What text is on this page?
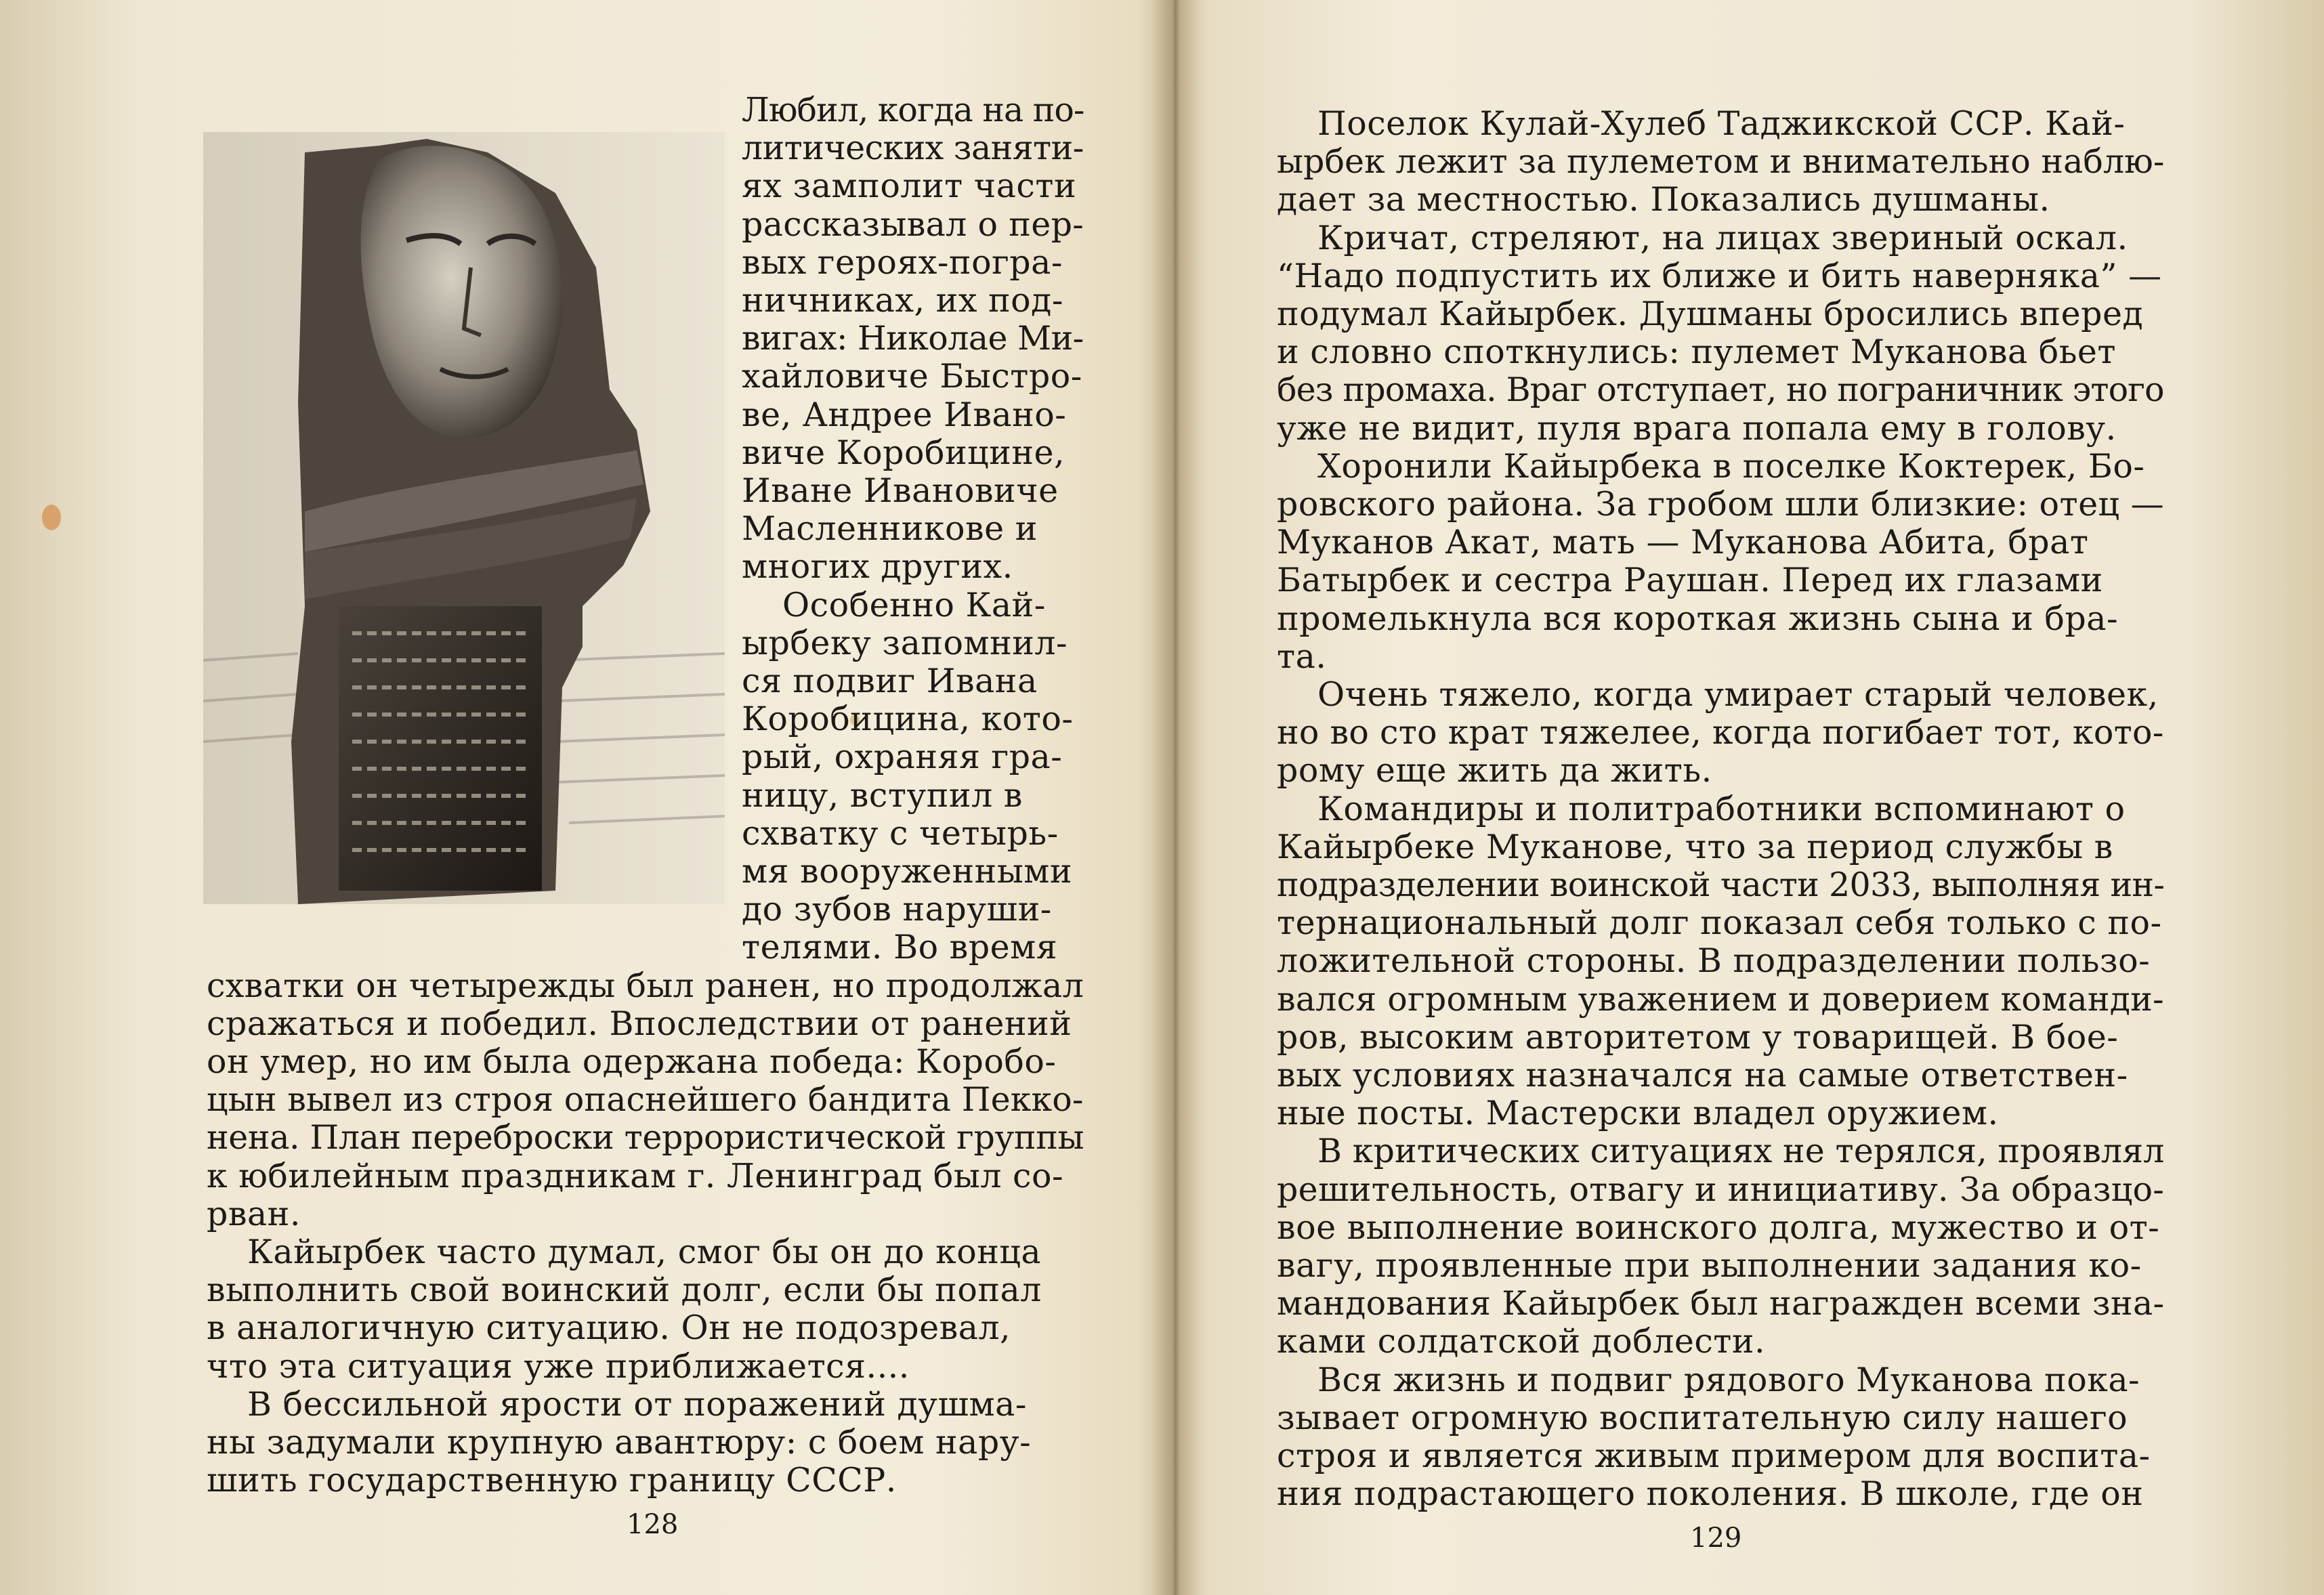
Любил, когда на по-
литических заняти-
ях замполит части
рассказывал о пер-
вых героях-погра-
ничниках, их под-
вигах: Николае Ми-
хайловиче Быстро-
ве, Андрее Ивано-
виче Коробицине,
Иване Ивановиче
Масленникове и
многих других.
Особенно Кай-
ырбеку запомнил-
ся подвиг Ивана
Коробицина, кото-
рый, охраняя гра-
ницу, вступил в
схватку с четырь-
мя вооруженными
до зубов наруши-
телями. Во время
схватки он четырежды был ранен, но продолжал
сражаться и победил. Впоследствии от ранений
он умер, но им была одержана победа: Коробо-
цын вывел из строя опаснейшего бандита Пекко-
нена. План переброски террористической группы
к юбилейным праздникам г. Ленинград был со-
рван.
Кайырбек часто думал, смог бы он до конца
выполнить свой воинский долг, если бы попал
в аналогичную ситуацию. Он не подозревал,
что эта ситуация уже приближается....
В бессильной ярости от поражений душма-
ны задумали крупную авантюру: с боем нару-
шить государственную границу СССР.
128
Поселок Кулай-Хулеб Таджикской ССР. Кай-
ырбек лежит за пулеметом и внимательно наблю-
дает за местностью. Показались душманы.
Кричат, стреляют, на лицах звериный оскал.
“Надо подпустить их ближе и бить наверняка” —
подумал Кайырбек. Душманы бросились вперед
и словно споткнулись: пулемет Муканова бьет
без промаха. Враг отступает, но пограничник этого
уже не видит, пуля врага попала ему в голову.
Хоронили Кайырбека в поселке Коктерек, Бо-
ровского района. За гробом шли близкие: отец —
Муканов Акат, мать — Муканова Абита, брат
Батырбек и сестра Раушан. Перед их глазами
промелькнула вся короткая жизнь сына и бра-
та.
Очень тяжело, когда умирает старый человек,
но во сто крат тяжелее, когда погибает тот, кото-
рому еще жить да жить.
Командиры и политработники вспоминают о
Кайырбеке Муканове, что за период службы в
подразделении воинской части 2033, выполняя ин-
тернациональный долг показал себя только с по-
ложительной стороны. В подразделении пользо-
вался огромным уважением и доверием команди-
ров, высоким авторитетом у товарищей. В боe-
вых условиях назначался на самые ответствен-
ные посты. Мастерски владел оружием.
В критических ситуациях не терялся, проявлял
решительность, отвагу и инициативу. За образцо-
вое выполнение воинского долга, мужество и от-
вагу, проявленные при выполнении задания ко-
мандования Кайырбек был награжден всеми зна-
ками солдатской доблести.
Вся жизнь и подвиг рядового Муканова пока-
зывает огромную воспитательную силу нашего
строя и является живым примером для воспита-
ния подрастающего поколения. В школе, где он
129
